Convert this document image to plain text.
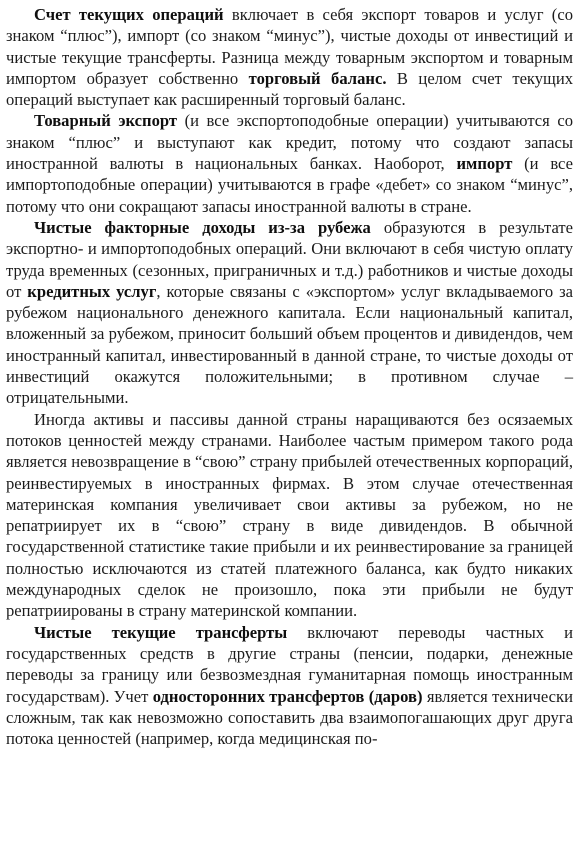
Счет текущих операций включает в себя экспорт товаров и услуг (со знаком “плюс”), импорт (со знаком “минус”), чистые доходы от инвестиций и чистые текущие трансферты. Разница между товарным экспортом и товарным импортом образует собственно торговый баланс. В целом счет текущих операций выступает как расширенный торговый баланс.

Товарный экспорт (и все экспортоподобные операции) учитываются со знаком “плюс” и выступают как кредит, потому что создают запасы иностранной валюты в национальных банках. Наоборот, импорт (и все импортоподобные операции) учитываются в графе «дебет» со знаком “минус”, потому что они сокращают запасы иностранной валюты в стране.

Чистые факторные доходы из-за рубежа образуются в результате экспортно- и импортоподобных операций. Они включают в себя чистую оплату труда временных (сезонных, приграничных и т.д.) работников и чистые доходы от кредитных услуг, которые связаны с «экспортом» услуг вкладываемого за рубежом национального денежного капитала. Если национальный капитал, вложенный за рубежом, приносит больший объем процентов и дивидендов, чем иностранный капитал, инвестированный в данной стране, то чистые доходы от инвестиций окажутся положительными; в противном случае – отрицательными.

Иногда активы и пассивы данной страны наращиваются без осязаемых потоков ценностей между странами. Наиболее частым примером такого рода является невозвращение в “свою” страну прибылей отечественных корпораций, реинвестируемых в иностранных фирмах. В этом случае отечественная материнская компания увеличивает свои активы за рубежом, но не репатриирует их в “свою” страну в виде дивидендов. В обычной государственной статистике такие прибыли и их реинвестирование за границей полностью исключаются из статей платежного баланса, как будто никаких международных сделок не произошло, пока эти прибыли не будут репатриированы в страну материнской компании.

Чистые текущие трансферты включают переводы частных и государственных средств в другие страны (пенсии, подарки, денежные переводы за границу или безвозмездная гуманитарная помощь иностранным государствам). Учет односторонних трансфертов (даров) является технически сложным, так как невозможно сопоставить два взаимопогашающих друг друга потока ценностей (например, когда медицинская по-
